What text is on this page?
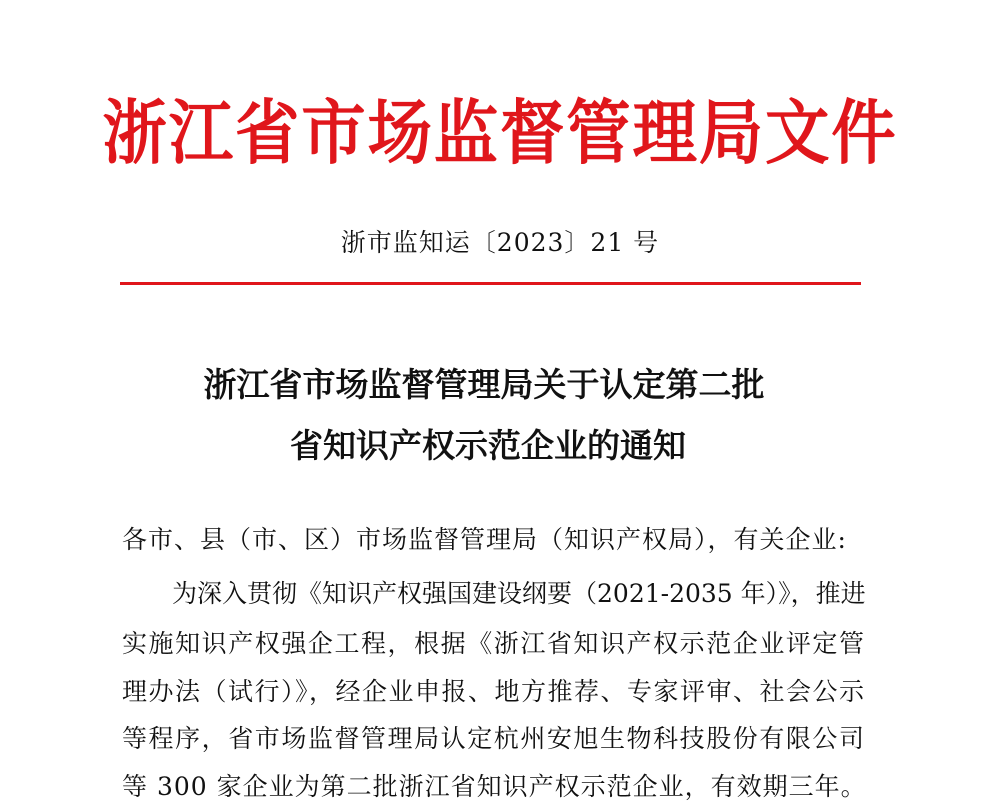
浙江省市场监督管理局文件
浙市监知运〔2023〕21 号
浙江省市场监督管理局关于认定第二批
省知识产权示范企业的通知
各市、县（市、区）市场监督管理局（知识产权局），有关企业:
为深入贯彻《知识产权强国建设纲要（2021-2035 年）》，推进
实施知识产权强企工程，根据《浙江省知识产权示范企业评定管
理办法（试行）》，经企业申报、地方推荐、专家评审、社会公示
等程序，省市场监督管理局认定杭州安旭生物科技股份有限公司
等 300 家企业为第二批浙江省知识产权示范企业，有效期三年。
